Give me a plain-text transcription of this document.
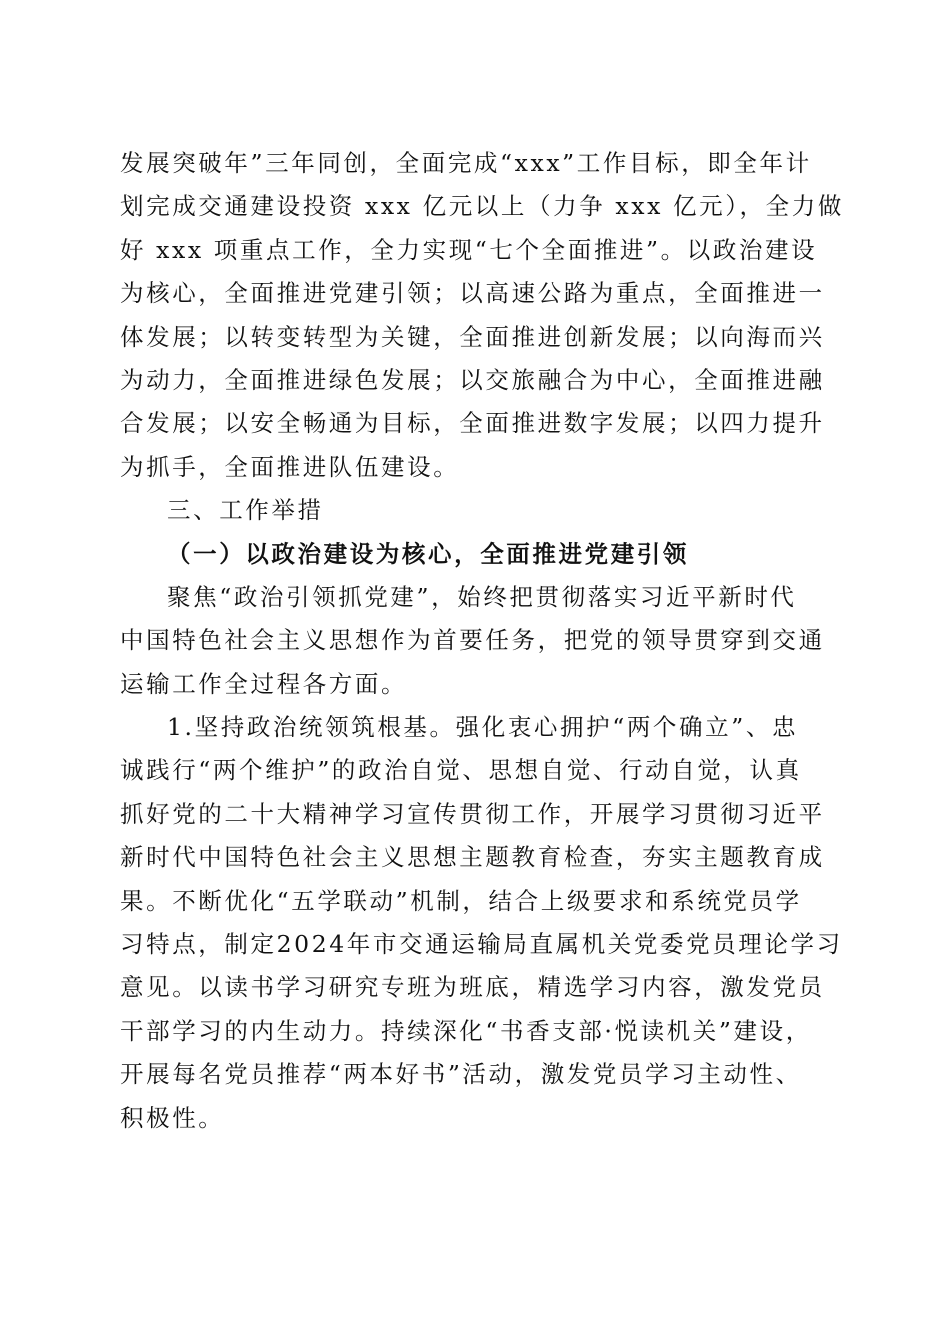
发展突破年”三年同创，全面完成“xxx”工作目标，即全年计
划完成交通建设投资 xxx 亿元以上（力争 xxx 亿元），全力做
好 xxx 项重点工作，全力实现“七个全面推进”。以政治建设
为核心，全面推进党建引领；以高速公路为重点，全面推进一
体发展；以转变转型为关键，全面推进创新发展；以向海而兴
为动力，全面推进绿色发展；以交旅融合为中心，全面推进融
合发展；以安全畅通为目标，全面推进数字发展；以四力提升
为抓手，全面推进队伍建设。
三、工作举措
（一）以政治建设为核心，全面推进党建引领
聚焦“政治引领抓党建”，始终把贯彻落实习近平新时代
中国特色社会主义思想作为首要任务，把党的领导贯穿到交通
运输工作全过程各方面。
1.坚持政治统领筑根基。强化衷心拥护“两个确立”、忠
诚践行“两个维护”的政治自觉、思想自觉、行动自觉，认真
抓好党的二十大精神学习宣传贯彻工作，开展学习贯彻习近平
新时代中国特色社会主义思想主题教育检查，夯实主题教育成
果。不断优化“五学联动”机制，结合上级要求和系统党员学
习特点，制定2024年市交通运输局直属机关党委党员理论学习
意见。以读书学习研究专班为班底，精选学习内容，激发党员
干部学习的内生动力。持续深化“书香支部·悦读机关”建设，
开展每名党员推荐“两本好书”活动，激发党员学习主动性、
积极性。
